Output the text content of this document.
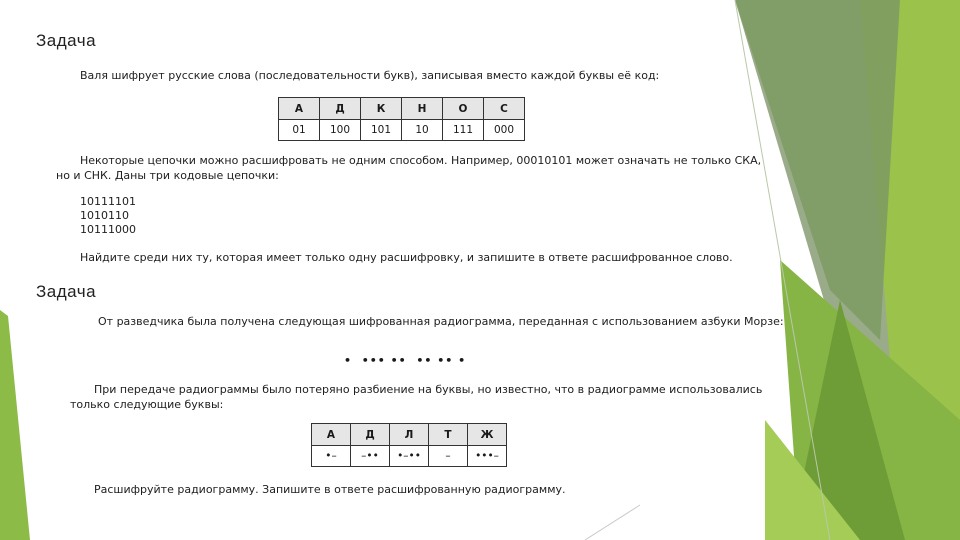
Задача
Валя шифрует русские слова (последовательности букв), записывая вместо каждой буквы её код:
А	Д	К	Н	О	С
01	100	101	10	111	000
Некоторые цепочки можно расшифровать не одним способом. Например, 00010101 может означать не только СКА,
но и СНК. Даны три кодовые цепочки:
10111101
1010110
10111000
Найдите среди них ту, которая имеет только одну расшифровку, и запишите в ответе расшифрованное слово.
Задача
От разведчика была получена следующая шифрованная радиограмма, переданная с использованием азбуки Морзе:
•  ••• ••  •• •• •
При передаче радиограммы было потеряно разбиение на буквы, но известно, что в радиограмме использовались
только следующие буквы:
А	Д	Л	Т	Ж
•–	–••	•–••	–	•••–
Расшифруйте радиограмму. Запишите в ответе расшифрованную радиограмму.
